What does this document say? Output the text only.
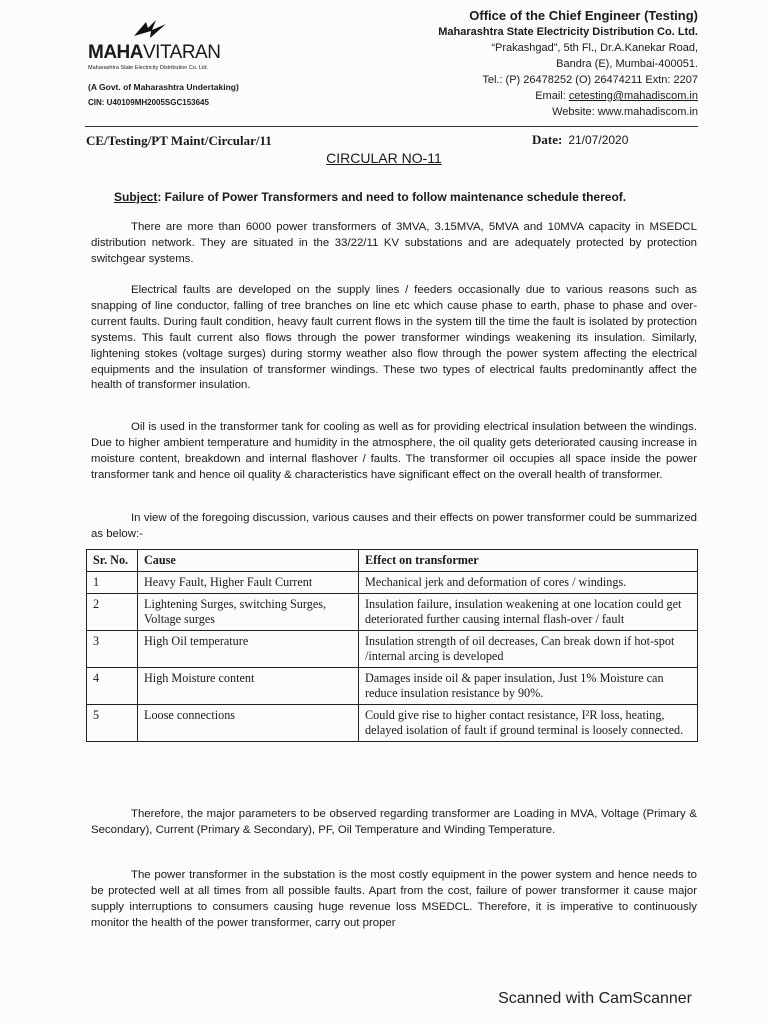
MAHAVITARAN
Maharashtra State Electricity Distribution Co. Ltd.
(A Govt. of Maharashtra Undertaking)
CIN: U40109MH2005SGC153645
Office of the Chief Engineer (Testing)
Maharashtra State Electricity Distribution Co. Ltd.
“Prakashgad”, 5th Fl., Dr.A.Kanekar Road,
Bandra (E), Mumbai-400051.
Tel.: (P) 26478252 (O) 26474211 Extn: 2207
Email: cetesting@mahadiscom.in
Website: www.mahadiscom.in
CE/Testing/PT Maint/Circular/11	Date: 21/07/2020
CIRCULAR NO-11
Subject: Failure of Power Transformers and need to follow maintenance schedule thereof.

There are more than 6000 power transformers of 3MVA, 3.15MVA, 5MVA and 10MVA capacity in MSEDCL distribution network. They are situated in the 33/22/11 KV substations and are adequately protected by protection switchgear systems.

Electrical faults are developed on the supply lines / feeders occasionally due to various reasons such as snapping of line conductor, falling of tree branches on line etc which cause phase to earth, phase to phase and over-current faults. During fault condition, heavy fault current flows in the system till the time the fault is isolated by protection systems. This fault current also flows through the power transformer windings weakening its insulation. Similarly, lightening stokes (voltage surges) during stormy weather also flow through the power system affecting the electrical equipments and the insulation of transformer windings. These two types of electrical faults predominantly affect the health of transformer insulation.

Oil is used in the transformer tank for cooling as well as for providing electrical insulation between the windings. Due to higher ambient temperature and humidity in the atmosphere, the oil quality gets deteriorated causing increase in moisture content, breakdown and internal flashover / faults. The transformer oil occupies all space inside the power transformer tank and hence oil quality & characteristics have significant effect on the overall health of transformer.

In view of the foregoing discussion, various causes and their effects on power transformer could be summarized as below:-

Sr. No.	Cause	Effect on transformer
1	Heavy Fault, Higher Fault Current	Mechanical jerk and deformation of cores / windings.
2	Lightening Surges, switching Surges, Voltage surges	Insulation failure, insulation weakening at one location could get deteriorated further causing internal flash-over / fault
3	High Oil temperature	Insulation strength of oil decreases, Can break down if hot-spot /internal arcing is developed
4	High Moisture content	Damages inside oil & paper insulation, Just 1% Moisture can reduce insulation resistance by 90%.
5	Loose connections	Could give rise to higher contact resistance, I²R loss, heating, delayed isolation of fault if ground terminal is loosely connected.

Therefore, the major parameters to be observed regarding transformer are Loading in MVA, Voltage (Primary & Secondary), Current (Primary & Secondary), PF, Oil Temperature and Winding Temperature.

The power transformer in the substation is the most costly equipment in the power system and hence needs to be protected well at all times from all possible faults. Apart from the cost, failure of power transformer it cause major supply interruptions to consumers causing huge revenue loss MSEDCL. Therefore, it is imperative to continuously monitor the health of the power transformer, carry out proper

Scanned with CamScanner
